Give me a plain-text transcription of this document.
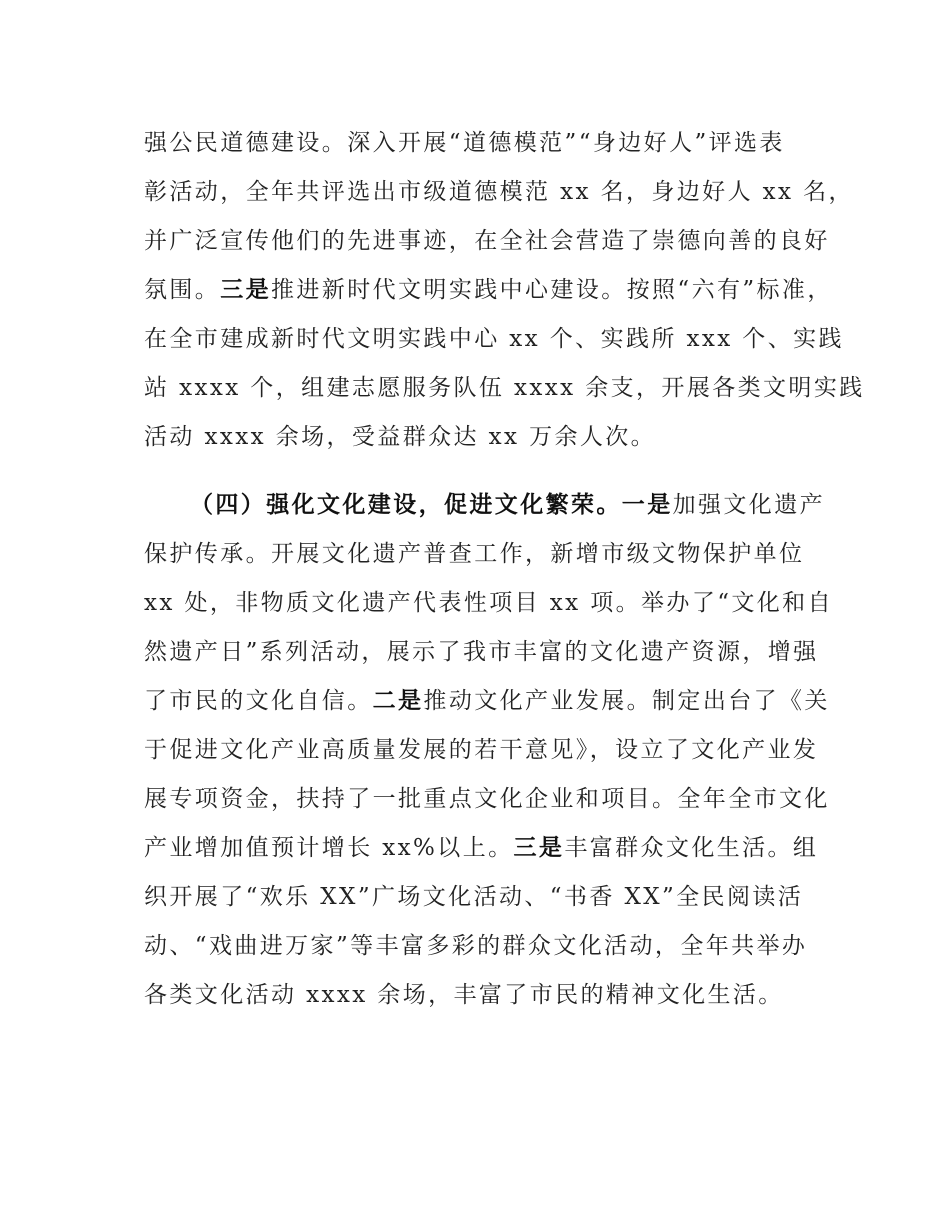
强公民道德建设。深入开展“道德模范”“身边好人”评选表
彰活动，全年共评选出市级道德模范 xx 名，身边好人 xx 名，
并广泛宣传他们的先进事迹，在全社会营造了崇德向善的良好
氛围。三是推进新时代文明实践中心建设。按照“六有”标准，
在全市建成新时代文明实践中心 xx 个、实践所 xxx 个、实践
站 xxxx 个，组建志愿服务队伍 xxxx 余支，开展各类文明实践
活动 xxxx 余场，受益群众达 xx 万余人次。
（四）强化文化建设，促进文化繁荣。一是加强文化遗产
保护传承。开展文化遗产普查工作，新增市级文物保护单位
xx 处，非物质文化遗产代表性项目 xx 项。举办了“文化和自
然遗产日”系列活动，展示了我市丰富的文化遗产资源，增强
了市民的文化自信。二是推动文化产业发展。制定出台了《关
于促进文化产业高质量发展的若干意见》，设立了文化产业发
展专项资金，扶持了一批重点文化企业和项目。全年全市文化
产业增加值预计增长 xx%以上。三是丰富群众文化生活。组
织开展了“欢乐 XX”广场文化活动、“书香 XX”全民阅读活
动、“戏曲进万家”等丰富多彩的群众文化活动，全年共举办
各类文化活动 xxxx 余场，丰富了市民的精神文化生活。
